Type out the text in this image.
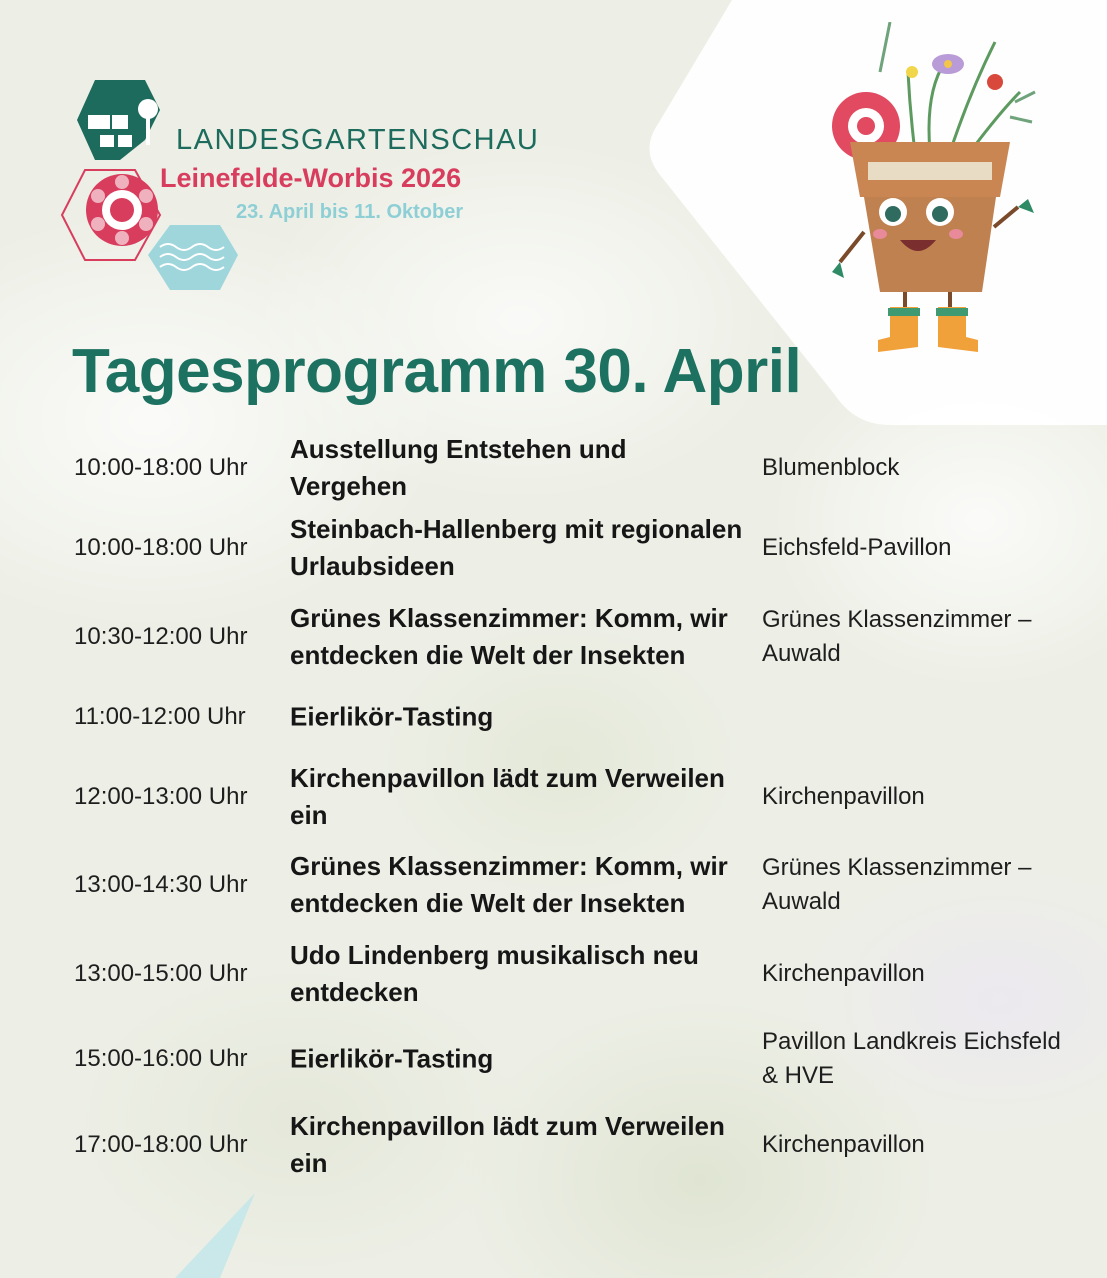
LANDESGARTENSCHAU
Leinefelde-Worbis 2026
23. April bis 11. Oktober
Tagesprogramm 30. April
10:00-18:00 Uhr
Ausstellung Entstehen und Vergehen
Blumenblock
10:00-18:00 Uhr
Steinbach-Hallenberg mit regionalen Urlaubsideen
Eichsfeld-Pavillon
10:30-12:00 Uhr
Grünes Klassenzimmer: Komm, wir entdecken die Welt der Insekten
Grünes Klassenzimmer – Auwald
11:00-12:00 Uhr Eierlikör-Tasting
12:00-13:00 Uhr
Kirchenpavillon lädt zum Verweilen ein
Kirchenpavillon
13:00-14:30 Uhr
Grünes Klassenzimmer: Komm, wir entdecken die Welt der Insekten
Grünes Klassenzimmer – Auwald
13:00-15:00 Uhr
Udo Lindenberg musikalisch neu entdecken
Kirchenpavillon
15:00-16:00 Uhr Eierlikör-Tasting
Pavillon Landkreis Eichsfeld & HVE
17:00-18:00 Uhr
Kirchenpavillon lädt zum Verweilen ein
Kirchenpavillon
